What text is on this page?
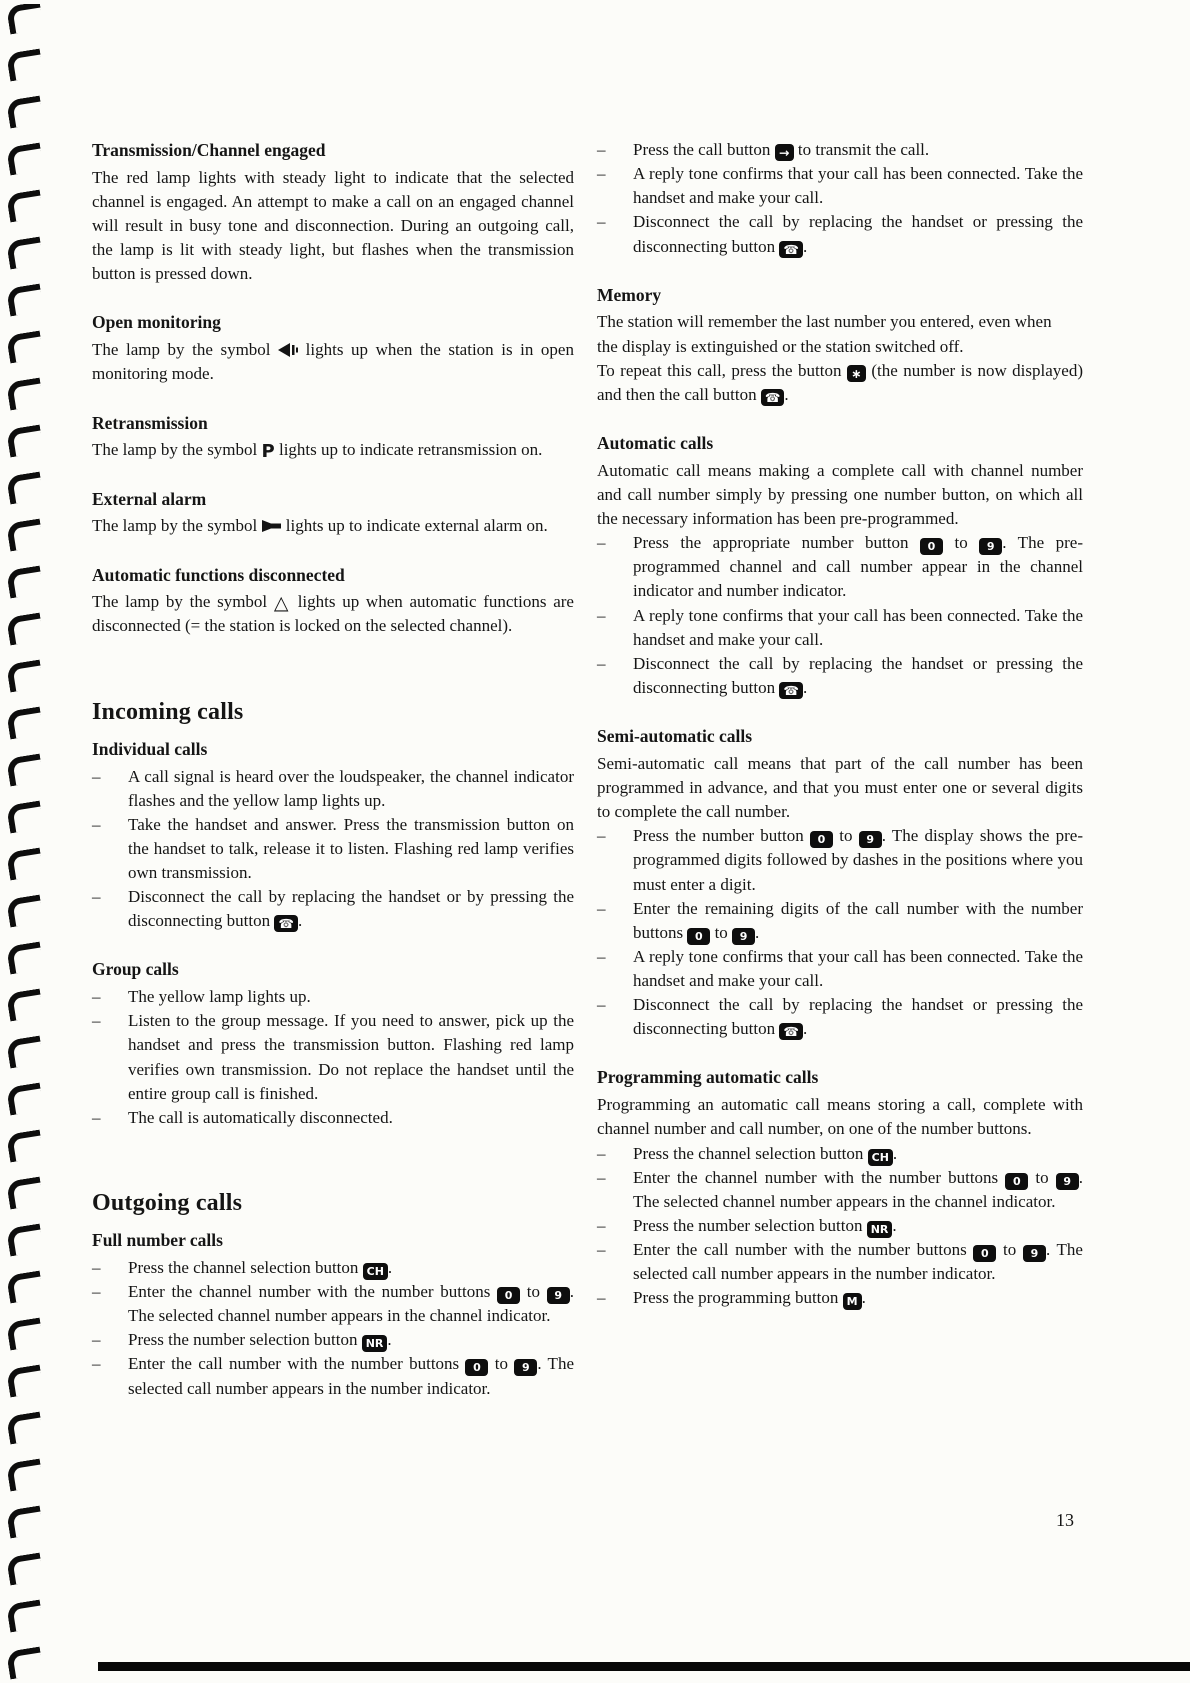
Transmission/Channel engaged

The red lamp lights with steady light to indicate that the selected channel is engaged. An attempt to make a call on an engaged channel will result in busy tone and disconnection. During an outgoing call, the lamp is lit with steady light, but flashes when the transmission button is pressed down.

Open monitoring

The lamp by the symbol  lights up when the station is in open monitoring mode.

Retransmission

The lamp by the symbol P lights up to indicate retransmission on.

External alarm

The lamp by the symbol  lights up to indicate external alarm on.

Automatic functions disconnected

The lamp by the symbol △ lights up when automatic functions are disconnected (= the station is locked on the selected channel).

Incoming calls
Individual calls
–	A call signal is heard over the loudspeaker, the channel indicator flashes and the yellow lamp lights up.
–	Take the handset and answer. Press the transmission button on the handset to talk, release it to listen. Flashing red lamp verifies own transmission.
–	Disconnect the call by replacing the handset or by pressing the disconnecting button ☎ .
Group calls
–	The yellow lamp lights up.
–	Listen to the group message. If you need to answer, pick up the handset and press the transmission button. Flashing red lamp verifies own transmission. Do not replace the handset until the entire group call is finished.
–	The call is automatically disconnected.
Outgoing calls
Full number calls
–	Press the channel selection button CH .
–	Enter the channel number with the number buttons 0 to 9 . The selected channel number appears in the channel indicator.
–	Press the number selection button NR .
–	Enter the call number with the number buttons 0 to 9 . The selected call number appears in the number indicator.
–	Press the call button → to transmit the call.
–	A reply tone confirms that your call has been connected. Take the handset and make your call.
–	Disconnect the call by replacing the handset or pressing the disconnecting button ☎ .
Memory

The station will remember the last number you entered, even when
the display is extinguished or the station switched off.
To repeat this call, press the button ∗ (the number is now displayed) and then the call button ☎ .

Automatic calls

Automatic call means making a complete call with channel number and call number simply by pressing one number button, on which all the necessary information has been pre-programmed.

–	Press the appropriate number button 0 to 9 . The pre-programmed channel and call number appear in the channel indicator and number indicator.
–	A reply tone confirms that your call has been connected. Take the handset and make your call.
–	Disconnect the call by replacing the handset or pressing the disconnecting button ☎ .
Semi-automatic calls

Semi-automatic call means that part of the call number has been programmed in advance, and that you must enter one or several digits to complete the call number.

–	Press the number button 0 to 9 . The display shows the pre-programmed digits followed by dashes in the positions where you must enter a digit.
–	Enter the remaining digits of the call number with the number buttons 0 to 9 .
–	A reply tone confirms that your call has been connected. Take the handset and make your call.
–	Disconnect the call by replacing the handset or pressing the disconnecting button ☎ .
Programming automatic calls

Programming an automatic call means storing a call, complete with channel number and call number, on one of the number buttons.

–	Press the channel selection button CH .
–	Enter the channel number with the number buttons 0 to 9 . The selected channel number appears in the channel indicator.
–	Press the number selection button NR .
–	Enter the call number with the number buttons 0 to 9 . The selected call number appears in the number indicator.
–	Press the programming button M .
13
